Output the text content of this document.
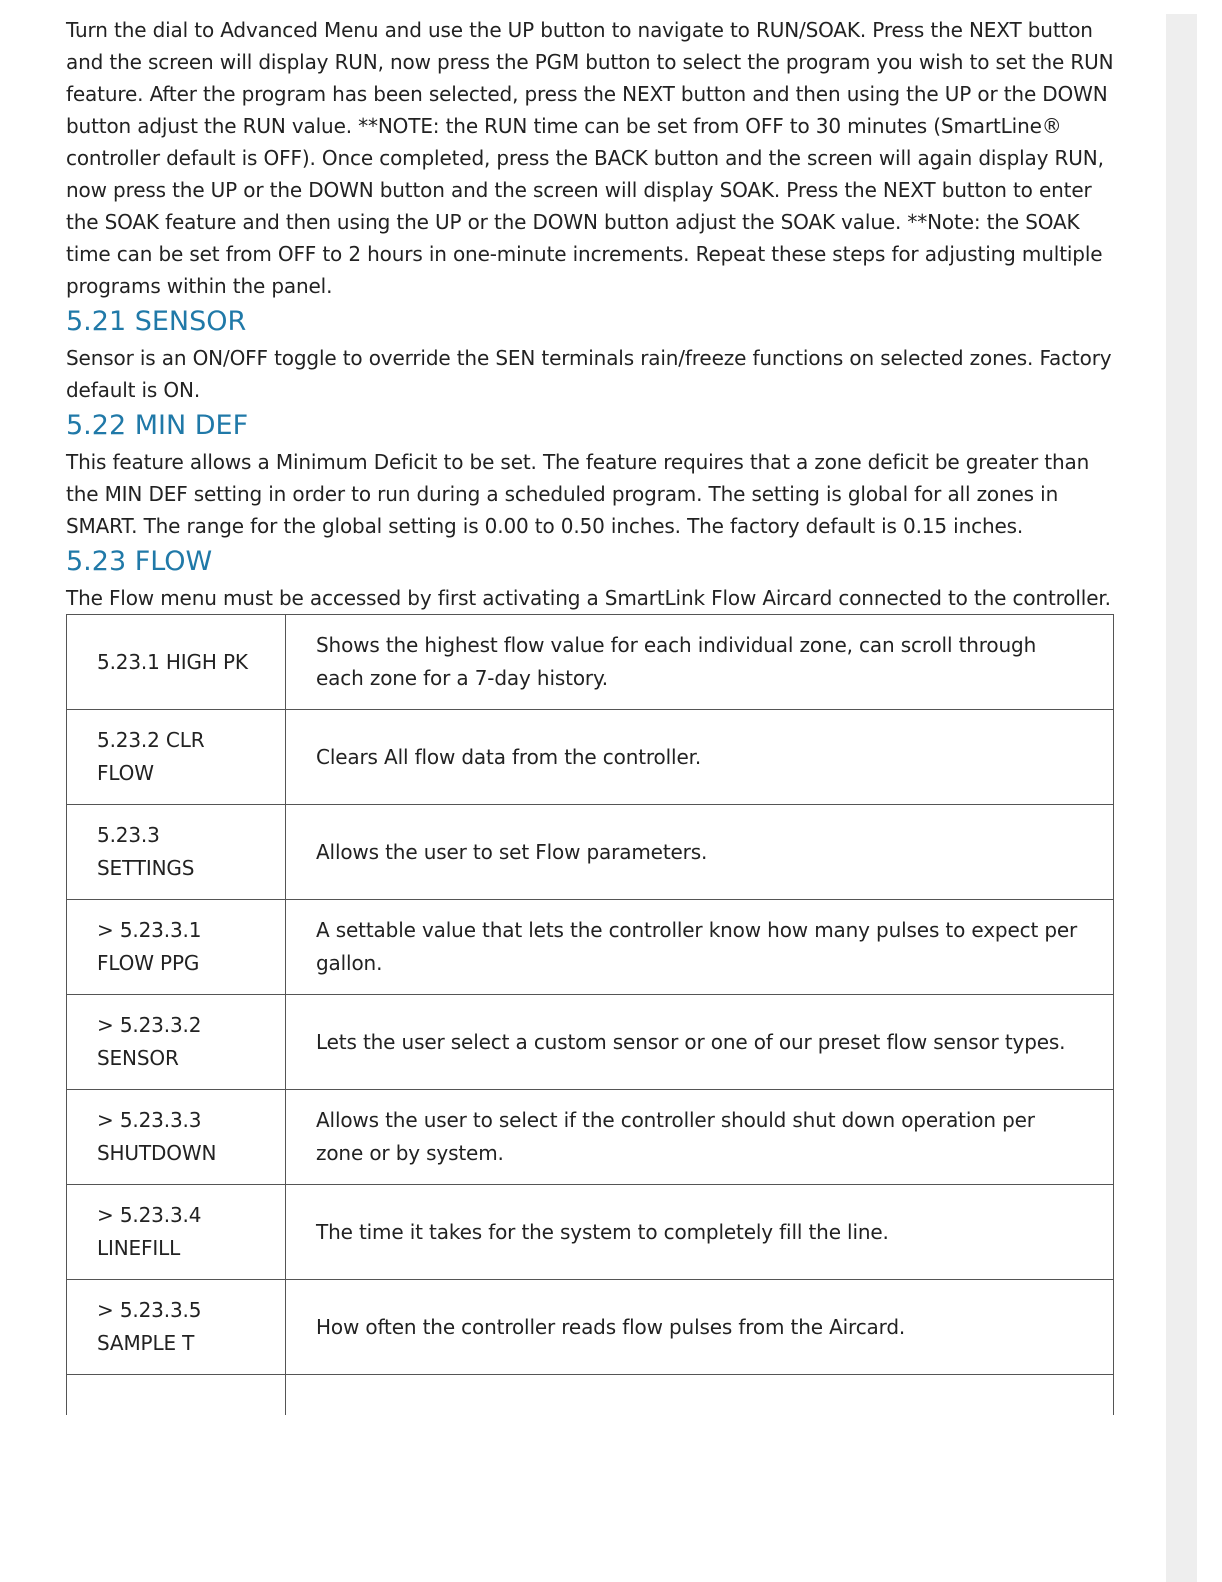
Turn the dial to Advanced Menu and use the UP button to navigate to RUN/SOAK. Press the NEXT button and the screen will display RUN, now press the PGM button to select the program you wish to set the RUN feature. After the program has been selected, press the NEXT button and then using the UP or the DOWN button adjust the RUN value. **NOTE: the RUN time can be set from OFF to 30 minutes (SmartLine® controller default is OFF). Once completed, press the BACK button and the screen will again display RUN, now press the UP or the DOWN button and the screen will display SOAK. Press the NEXT button to enter the SOAK feature and then using the UP or the DOWN button adjust the SOAK value. **Note: the SOAK time can be set from OFF to 2 hours in one-minute increments. Repeat these steps for adjusting multiple programs within the panel.

5.21 SENSOR

Sensor is an ON/OFF toggle to override the SEN terminals rain/freeze functions on selected zones. Factory default is ON.

5.22 MIN DEF

This feature allows a Minimum Deficit to be set. The feature requires that a zone deficit be greater than the MIN DEF setting in order to run during a scheduled program. The setting is global for all zones in SMART. The range for the global setting is 0.00 to 0.50 inches. The factory default is 0.15 inches.

5.23 FLOW

The Flow menu must be accessed by first activating a SmartLink Flow Aircard connected to the controller.

5.23.1 HIGH PK	Shows the highest flow value for each individual zone, can scroll through each zone for a 7-day history.
5.23.2 CLR FLOW	Clears All flow data from the controller.
5.23.3 SETTINGS	Allows the user to set Flow parameters.
> 5.23.3.1 FLOW PPG	A settable value that lets the controller know how many pulses to expect per gallon.
> 5.23.3.2 SENSOR	Lets the user select a custom sensor or one of our preset flow sensor types.
> 5.23.3.3 SHUTDOWN	Allows the user to select if the controller should shut down operation per zone or by system.
> 5.23.3.4 LINEFILL	The time it takes for the system to completely fill the line.
> 5.23.3.5 SAMPLE T	How often the controller reads flow pulses from the Aircard.
